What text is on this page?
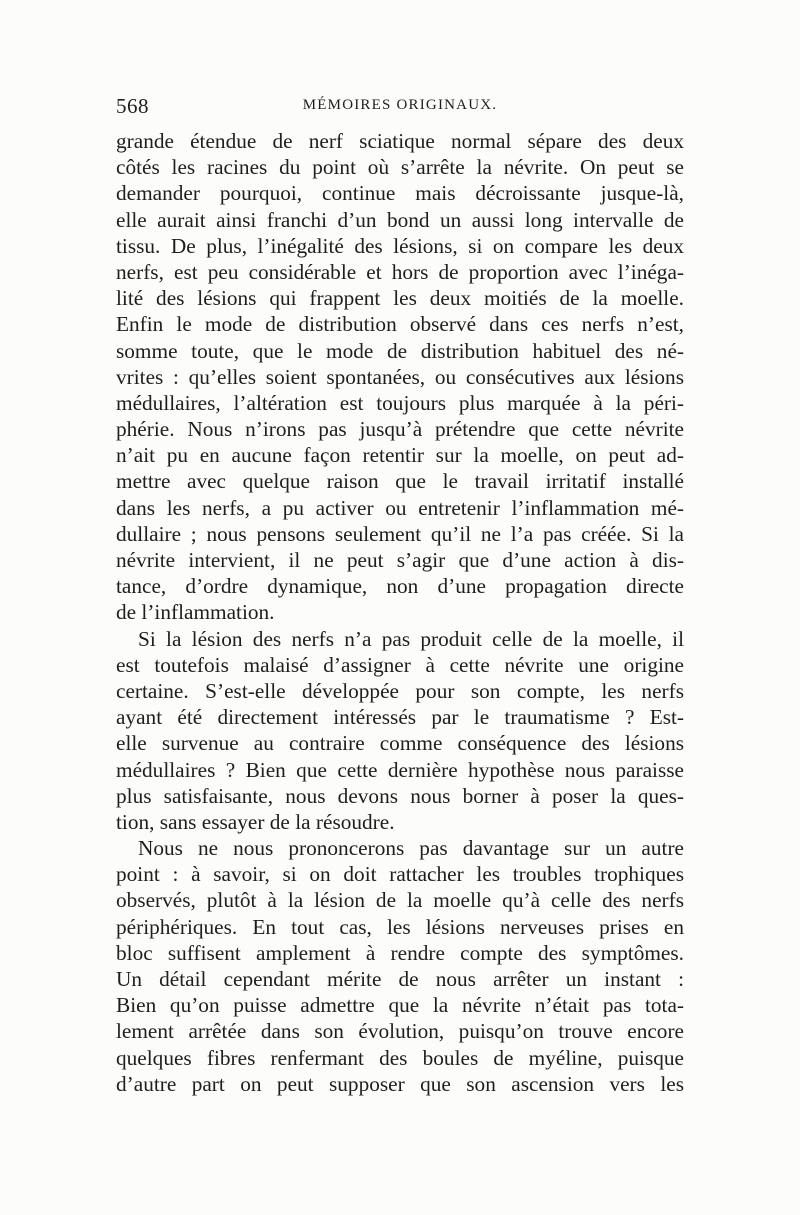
568	MÉMOIRES ORIGINAUX.
grande étendue de nerf sciatique normal sépare des deux
côtés les racines du point où s’arrête la névrite. On peut se
demander pourquoi, continue mais décroissante jusque-là,
elle aurait ainsi franchi d’un bond un aussi long intervalle de
tissu. De plus, l’inégalité des lésions, si on compare les deux
nerfs, est peu considérable et hors de proportion avec l’inéga-
lité des lésions qui frappent les deux moitiés de la moelle.
Enfin le mode de distribution observé dans ces nerfs n’est,
somme toute, que le mode de distribution habituel des né-
vrites : qu’elles soient spontanées, ou consécutives aux lésions
médullaires, l’altération est toujours plus marquée à la péri-
phérie. Nous n’irons pas jusqu’à prétendre que cette névrite
n’ait pu en aucune façon retentir sur la moelle, on peut ad-
mettre avec quelque raison que le travail irritatif installé
dans les nerfs, a pu activer ou entretenir l’inflammation mé-
dullaire ; nous pensons seulement qu’il ne l’a pas créée. Si la
névrite intervient, il ne peut s’agir que d’une action à dis-
tance, d’ordre dynamique, non d’une propagation directe
de l’inflammation.
Si la lésion des nerfs n’a pas produit celle de la moelle, il
est toutefois malaisé d’assigner à cette névrite une origine
certaine. S’est-elle développée pour son compte, les nerfs
ayant été directement intéressés par le traumatisme ? Est-
elle survenue au contraire comme conséquence des lésions
médullaires ? Bien que cette dernière hypothèse nous paraisse
plus satisfaisante, nous devons nous borner à poser la ques-
tion, sans essayer de la résoudre.
Nous ne nous prononcerons pas davantage sur un autre
point : à savoir, si on doit rattacher les troubles trophiques
observés, plutôt à la lésion de la moelle qu’à celle des nerfs
périphériques. En tout cas, les lésions nerveuses prises en
bloc suffisent amplement à rendre compte des symptômes.
Un détail cependant mérite de nous arrêter un instant :
Bien qu’on puisse admettre que la névrite n’était pas tota-
lement arrêtée dans son évolution, puisqu’on trouve encore
quelques fibres renfermant des boules de myéline, puisque
d’autre part on peut supposer que son ascension vers les
